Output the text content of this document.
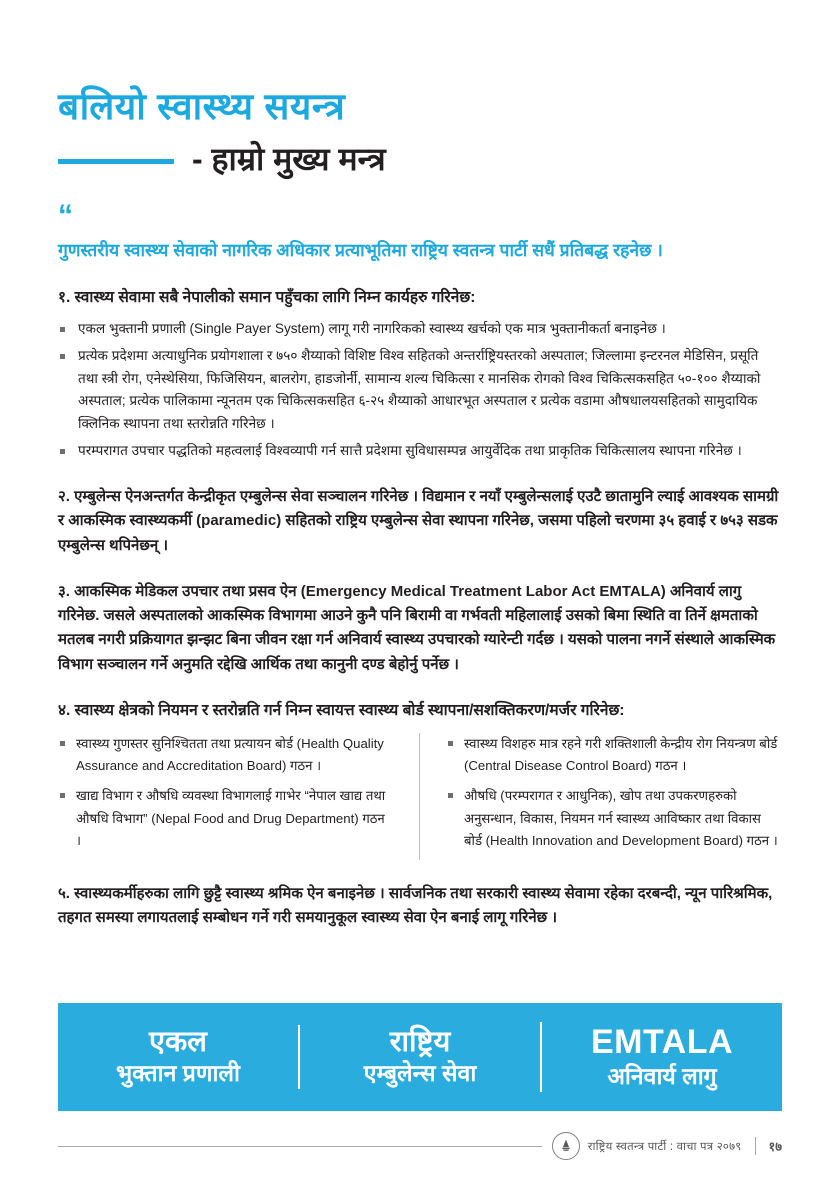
बलियो स्वास्थ्य सयन्त्र
- हाम्रो मुख्य मन्त्र
“
गुणस्तरीय स्वास्थ्य सेवाको नागरिक अधिकार प्रत्याभूतिमा राष्ट्रिय स्वतन्त्र पार्टी सधैं प्रतिबद्ध रहनेछ ।
१. स्वास्थ्य सेवामा सबै नेपालीको समान पहुँचका लागि निम्न कार्यहरु गरिनेछ:
एकल भुक्तानी प्रणाली (Single Payer System) लागू गरी नागरिकको स्वास्थ्य खर्चको एक मात्र भुक्तानीकर्ता बनाइनेछ ।
प्रत्येक प्रदेशमा अत्याधुनिक प्रयोगशाला र ७५० शैय्याको विशिष्ट विश्व सहितको अन्तर्राष्ट्रियस्तरको अस्पताल; जिल्लामा इन्टरनल मेडिसिन, प्रसूति तथा स्त्री रोग, एनेस्थेसिया, फिजिसियन, बालरोग, हाडजोर्नी, सामान्य शल्य चिकित्सा र मानसिक रोगको विश्व चिकित्सकसहित ५०-१०० शैय्याको अस्पताल; प्रत्येक पालिकामा न्यूनतम एक चिकित्सकसहित ६-२५ शैय्याको आधारभूत अस्पताल र प्रत्येक वडामा औषधालयसहितको सामुदायिक क्लिनिक स्थापना तथा स्तरोन्नति गरिनेछ ।
परम्परागत उपचार पद्धतिको महत्वलाई विश्वव्यापी गर्न सात्तै प्रदेशमा सुविधासम्पन्न आयुर्वेदिक तथा प्राकृतिक चिकित्सालय स्थापना गरिनेछ ।
२. एम्बुलेन्स ऐनअन्तर्गत केन्द्रीकृत एम्बुलेन्स सेवा सञ्चालन गरिनेछ । विद्यमान र नयाँ एम्बुलेन्सलाई एउटै छातामुनि ल्याई आवश्यक सामग्री र आकस्मिक स्वास्थ्यकर्मी (paramedic) सहितको राष्ट्रिय एम्बुलेन्स सेवा स्थापना गरिनेछ, जसमा पहिलो चरणमा ३५ हवाई र ७५३ सडक एम्बुलेन्स थपिनेछन् ।
३. आकस्मिक मेडिकल उपचार तथा प्रसव ऐन (Emergency Medical Treatment Labor Act EMTALA) अनिवार्य लागु गरिनेछ. जसले अस्पतालको आकस्मिक विभागमा आउने कुनै पनि बिरामी वा गर्भवती महिलालाई उसको बिमा स्थिति वा तिर्ने क्षमताको मतलब नगरी प्रक्रियागत झन्झट बिना जीवन रक्षा गर्न अनिवार्य स्वास्थ्य उपचारको ग्यारेन्टी गर्दछ । यसको पालना नगर्ने संस्थाले आकस्मिक विभाग सञ्चालन गर्ने अनुमति रद्देखि आर्थिक तथा कानुनी दण्ड बेहोर्नु पर्नेछ ।
४. स्वास्थ्य क्षेत्रको नियमन र स्तरोन्नति गर्न निम्न स्वायत्त स्वास्थ्य बोर्ड स्थापना/सशक्तिकरण/मर्जर गरिनेछ:
स्वास्थ्य गुणस्तर सुनिश्चितता तथा प्रत्यायन बोर्ड (Health Quality Assurance and Accreditation Board) गठन ।
खाद्य विभाग र औषधि व्यवस्था विभागलाई गाभेर “नेपाल खाद्य तथा औषधि विभाग” (Nepal Food and Drug Department) गठन ।
स्वास्थ्य विशहरु मात्र रहने गरी शक्तिशाली केन्द्रीय रोग नियन्त्रण बोर्ड (Central Disease Control Board) गठन ।
औषधि (परम्परागत र आधुनिक), खोप तथा उपकरणहरुको अनुसन्धान, विकास, नियमन गर्न स्वास्थ्य आविष्कार तथा विकास बोर्ड (Health Innovation and Development Board) गठन ।
५. स्वास्थ्यकर्मीहरुका लागि छुट्टै स्वास्थ्य श्रमिक ऐन बनाइनेछ । सार्वजनिक तथा सरकारी स्वास्थ्य सेवामा रहेका दरबन्दी, न्यून पारिश्रमिक, तहगत समस्या लगायतलाई सम्बोधन गर्ने गरी समयानुकूल स्वास्थ्य सेवा ऐन बनाई लागू गरिनेछ ।
एकल
भुक्तान प्रणाली
राष्ट्रिय
एम्बुलेन्स सेवा
EMTALA
अनिवार्य लागु
राष्ट्रिय स्वतन्त्र पार्टी : वाचा पत्र २०७९	१७
